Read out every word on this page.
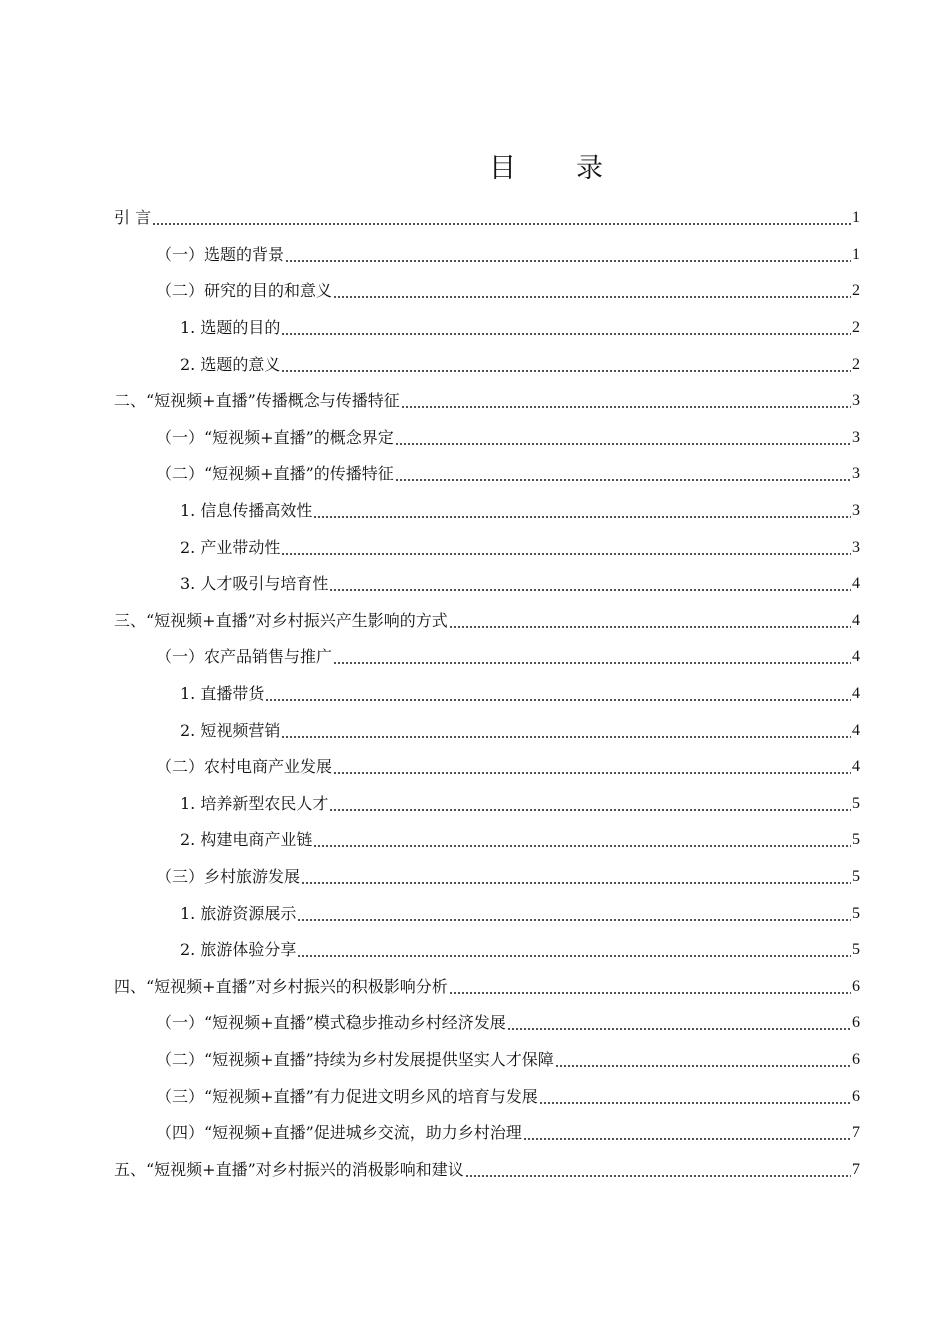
目 录
引 言	1
（一）选题的背景	1
（二）研究的目的和意义	2
1. 选题的目的	2
2. 选题的意义	2
二、“短视频+直播”传播概念与传播特征	3
（一）“短视频+直播”的概念界定	3
（二）“短视频+直播”的传播特征	3
1. 信息传播高效性	3
2. 产业带动性	3
3. 人才吸引与培育性	4
三、“短视频+直播”对乡村振兴产生影响的方式	4
（一）农产品销售与推广	4
1. 直播带货	4
2. 短视频营销	4
（二）农村电商产业发展	4
1. 培养新型农民人才	5
2. 构建电商产业链	5
（三）乡村旅游发展	5
1. 旅游资源展示	5
2. 旅游体验分享	5
四、“短视频+直播”对乡村振兴的积极影响分析	6
（一）“短视频+直播”模式稳步推动乡村经济发展	6
（二）“短视频+直播”持续为乡村发展提供坚实人才保障	6
（三）“短视频+直播”有力促进文明乡风的培育与发展	6
（四）“短视频+直播”促进城乡交流，助力乡村治理	7
五、“短视频+直播”对乡村振兴的消极影响和建议	7
